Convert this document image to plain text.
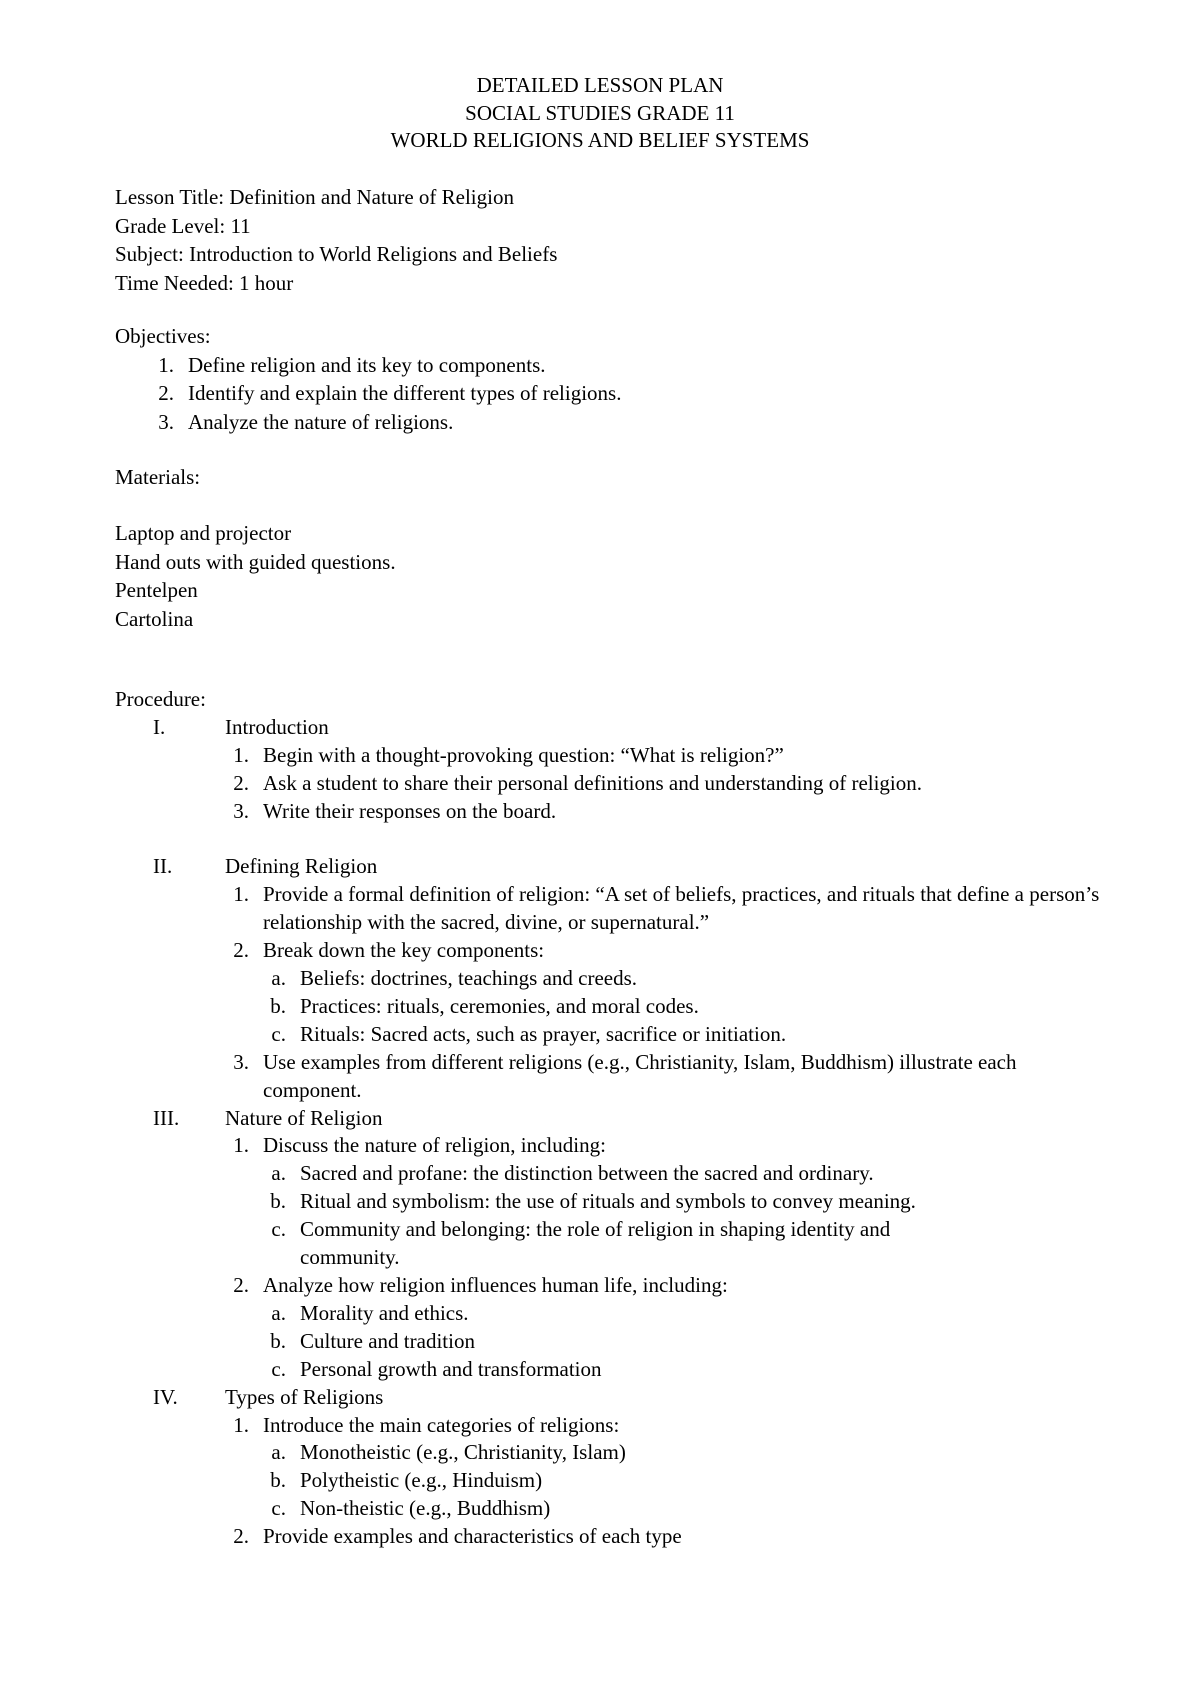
DETAILED LESSON PLAN
SOCIAL STUDIES GRADE 11
WORLD RELIGIONS AND BELIEF SYSTEMS
Lesson Title: Definition and Nature of Religion
Grade Level: 11
Subject: Introduction to World Religions and Beliefs
Time Needed: 1 hour
Objectives:
1. Define religion and its key to components.
2. Identify and explain the different types of religions.
3. Analyze the nature of religions.
Materials:
Laptop and projector
Hand outs with guided questions.
Pentelpen
Cartolina
Procedure:
I.	Introduction
1. Begin with a thought-provoking question: “What is religion?”
2. Ask a student to share their personal definitions and understanding of religion.
3. Write their responses on the board.
II.	Defining Religion
1. Provide a formal definition of religion: “A set of beliefs, practices, and rituals that define a person’s relationship with the sacred, divine, or supernatural.”
2. Break down the key components:
a. Beliefs: doctrines, teachings and creeds.
b. Practices: rituals, ceremonies, and moral codes.
c. Rituals: Sacred acts, such as prayer, sacrifice or initiation.
3. Use examples from different religions (e.g., Christianity, Islam, Buddhism) illustrate each component.
III.	Nature of Religion
1. Discuss the nature of religion, including:
a. Sacred and profane: the distinction between the sacred and ordinary.
b. Ritual and symbolism: the use of rituals and symbols to convey meaning.
c. Community and belonging: the role of religion in shaping identity and community.
2. Analyze how religion influences human life, including:
a. Morality and ethics.
b. Culture and tradition
c. Personal growth and transformation
IV.	Types of Religions
1. Introduce the main categories of religions:
a. Monotheistic (e.g., Christianity, Islam)
b. Polytheistic (e.g., Hinduism)
c. Non-theistic (e.g., Buddhism)
2. Provide examples and characteristics of each type
